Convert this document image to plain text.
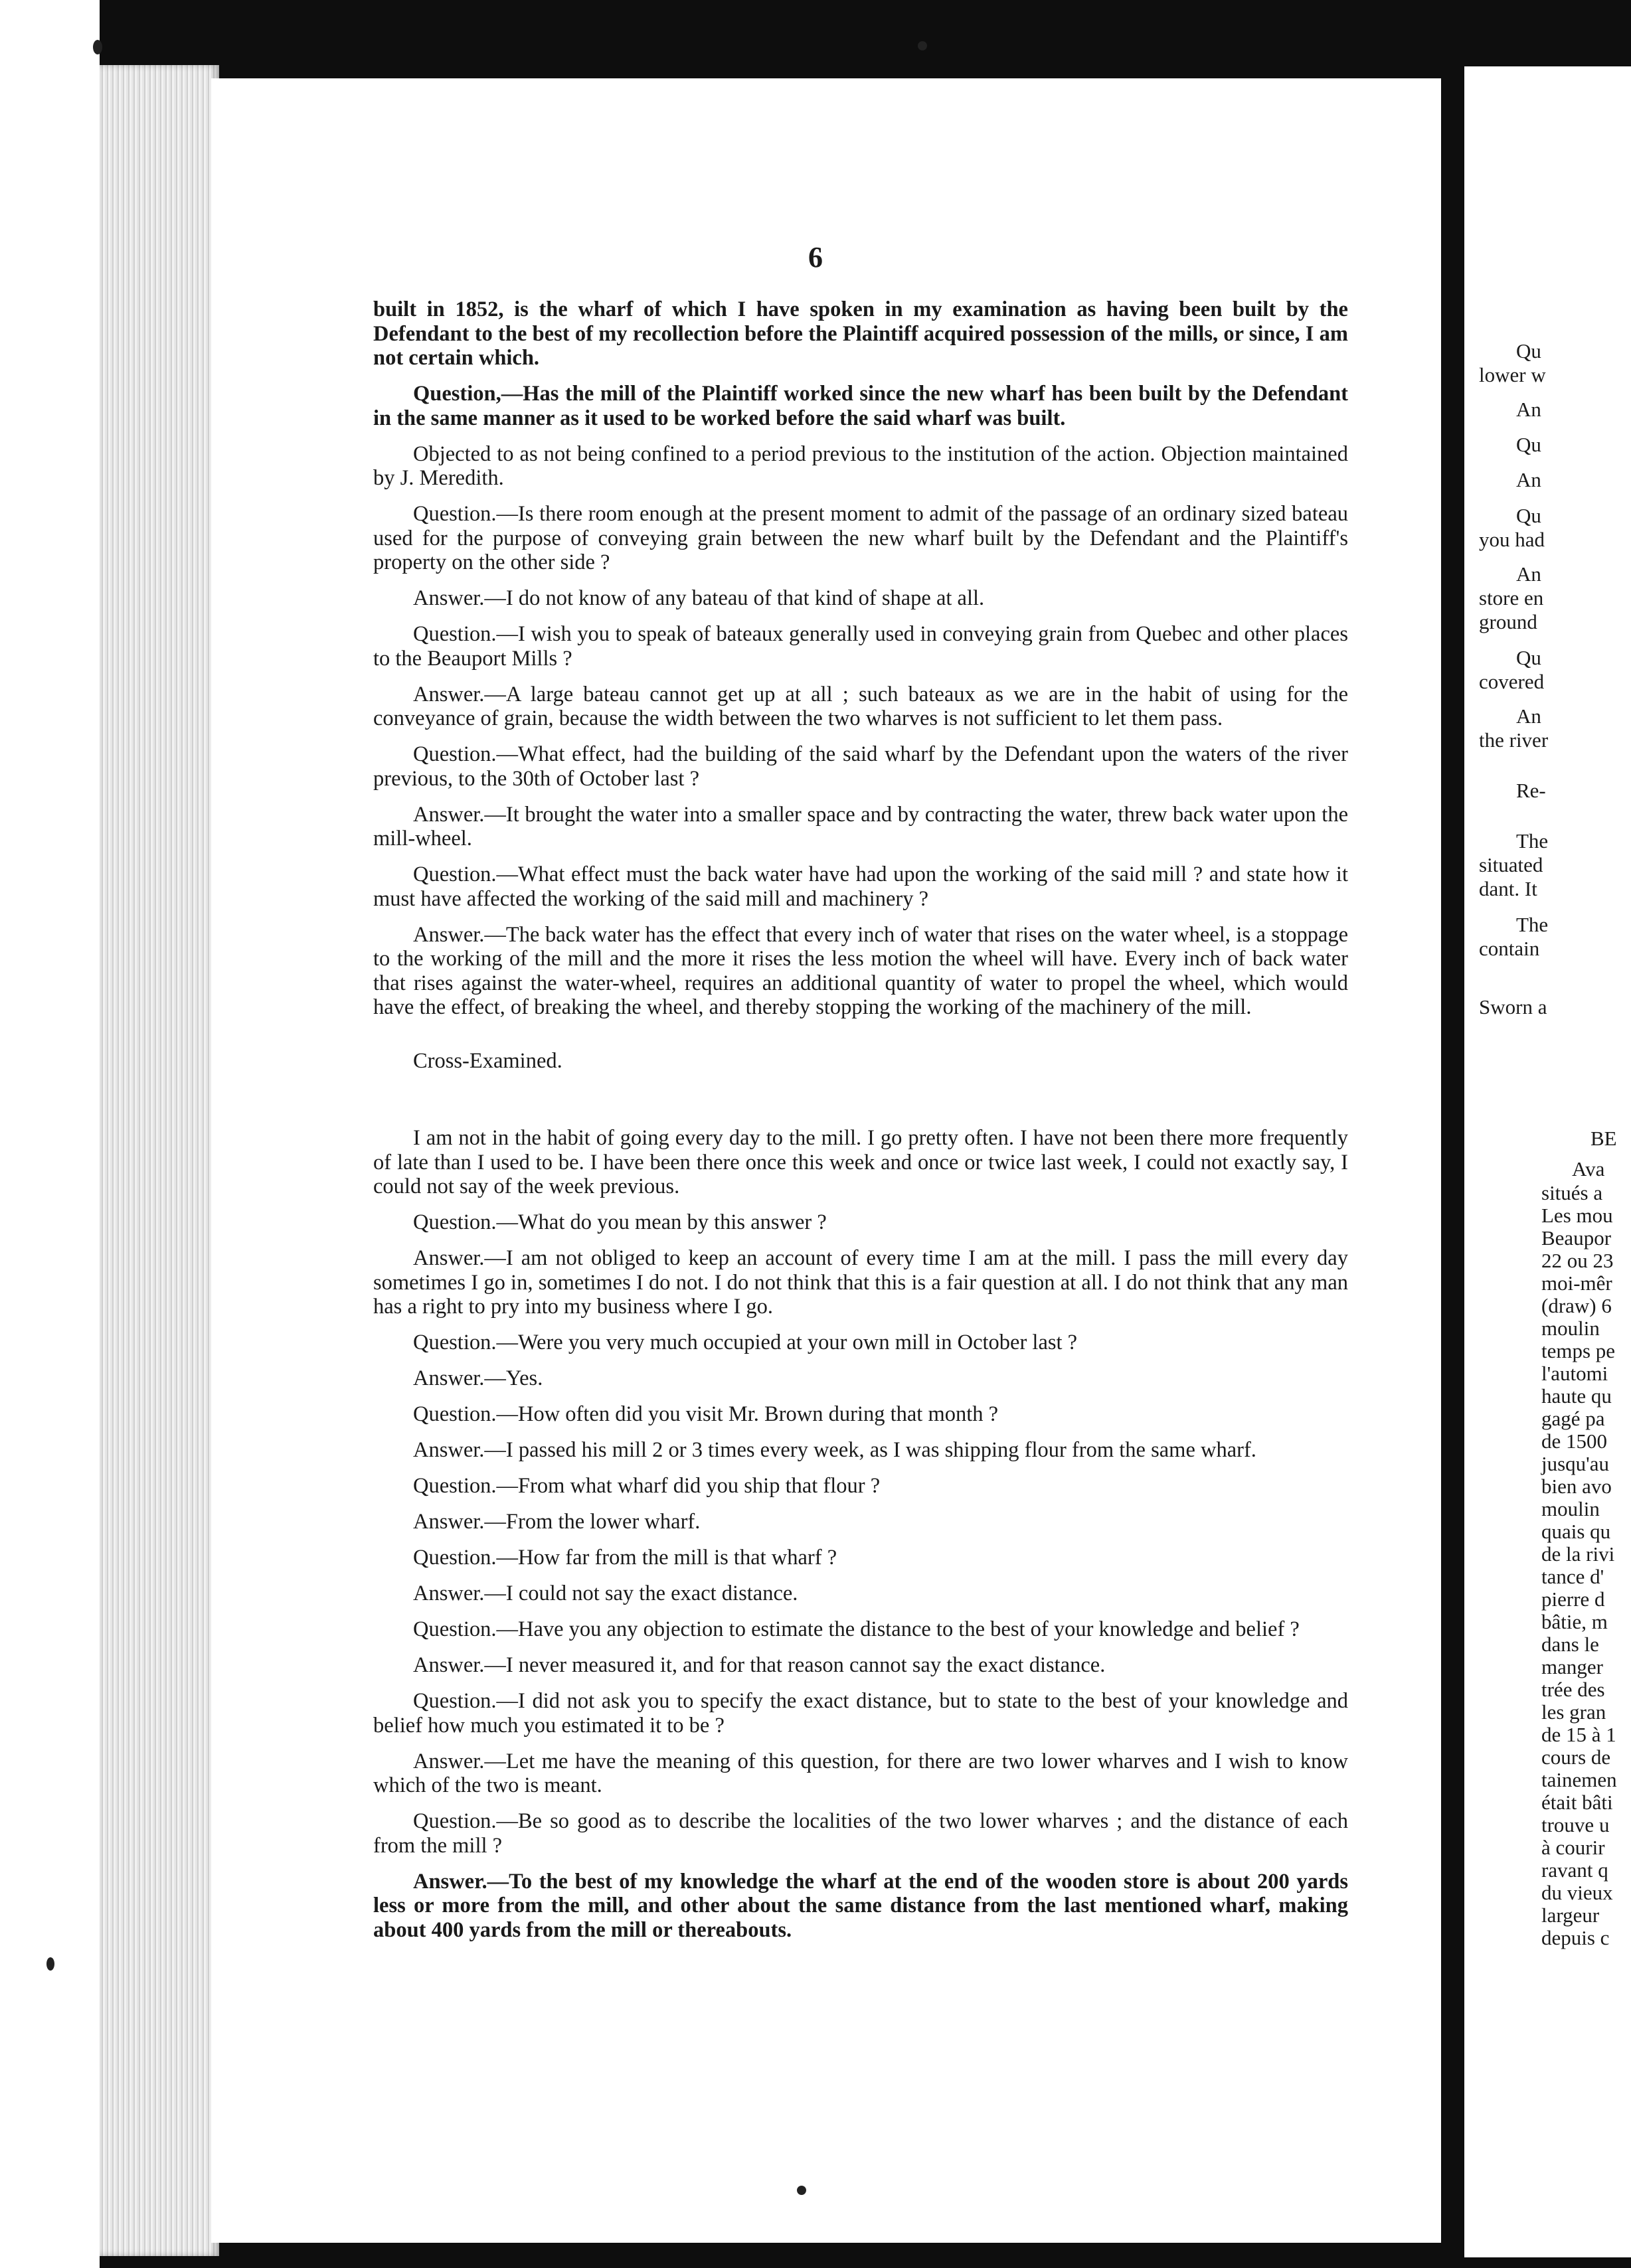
Qu
lower w
An
Qu
An
Qu
you had
An
store en
ground
Qu
covered
An
the river
Re-
The
situated
dant. It
The
contain
Sworn a
BE
Ava
situés a
Les mou
Beaupor
22 ou 23
moi-mêr
(draw) 6
moulin
temps pe
l'automi
haute qu
gagé pa
de 1500
jusqu'au
bien avo
moulin
quais qu
de la rivi
tance d'
pierre d
bâtie, m
dans le
manger
trée des
les gran
de 15 à 1
cours de
tainemen
était bâti
trouve u
à courir
ravant q
du vieux
largeur
depuis c
6

built in 1852, is the wharf of which I have spoken in my examination as having been built by the Defendant to the best of my recollection before the Plaintiff acquired possession of the mills, or since, I am not certain which.

Question,—Has the mill of the Plaintiff worked since the new wharf has been built by the Defendant in the same manner as it used to be worked before the said wharf was built.

Objected to as not being confined to a period previous to the institution of the action. Objection maintained by J. Meredith.

Question.—Is there room enough at the present moment to admit of the passage of an ordinary sized bateau used for the purpose of conveying grain between the new wharf built by the Defendant and the Plaintiff's property on the other side ?

Answer.—I do not know of any bateau of that kind of shape at all.

Question.—I wish you to speak of bateaux generally used in conveying grain from Quebec and other places to the Beauport Mills ?

Answer.—A large bateau cannot get up at all ; such bateaux as we are in the habit of using for the conveyance of grain, because the width between the two wharves is not sufficient to let them pass.

Question.—What effect, had the building of the said wharf by the Defendant upon the waters of the river previous, to the 30th of October last ?

Answer.—It brought the water into a smaller space and by contracting the water, threw back water upon the mill-wheel.

Question.—What effect must the back water have had upon the working of the said mill ? and state how it must have affected the working of the said mill and machinery ?

Answer.—The back water has the effect that every inch of water that rises on the water wheel, is a stoppage to the working of the mill and the more it rises the less motion the wheel will have. Every inch of back water that rises against the water-wheel, requires an additional quantity of water to propel the wheel, which would have the effect, of breaking the wheel, and thereby stopping the working of the machinery of the mill.

Cross-Examined.

I am not in the habit of going every day to the mill. I go pretty often. I have not been there more frequently of late than I used to be. I have been there once this week and once or twice last week, I could not exactly say, I could not say of the week previous.

Question.—What do you mean by this answer ?

Answer.—I am not obliged to keep an account of every time I am at the mill. I pass the mill every day sometimes I go in, sometimes I do not. I do not think that this is a fair question at all. I do not think that any man has a right to pry into my business where I go.

Question.—Were you very much occupied at your own mill in October last ?

Answer.—Yes.

Question.—How often did you visit Mr. Brown during that month ?

Answer.—I passed his mill 2 or 3 times every week, as I was shipping flour from the same wharf.

Question.—From what wharf did you ship that flour ?

Answer.—From the lower wharf.

Question.—How far from the mill is that wharf ?

Answer.—I could not say the exact distance.

Question.—Have you any objection to estimate the distance to the best of your knowledge and belief ?

Answer.—I never measured it, and for that reason cannot say the exact distance.

Question.—I did not ask you to specify the exact distance, but to state to the best of your knowledge and belief how much you estimated it to be ?

Answer.—Let me have the meaning of this question, for there are two lower wharves and I wish to know which of the two is meant.

Question.—Be so good as to describe the localities of the two lower wharves ; and the distance of each from the mill ?

Answer.—To the best of my knowledge the wharf at the end of the wooden store is about 200 yards less or more from the mill, and other about the same distance from the last mentioned wharf, making about 400 yards from the mill or thereabouts.
